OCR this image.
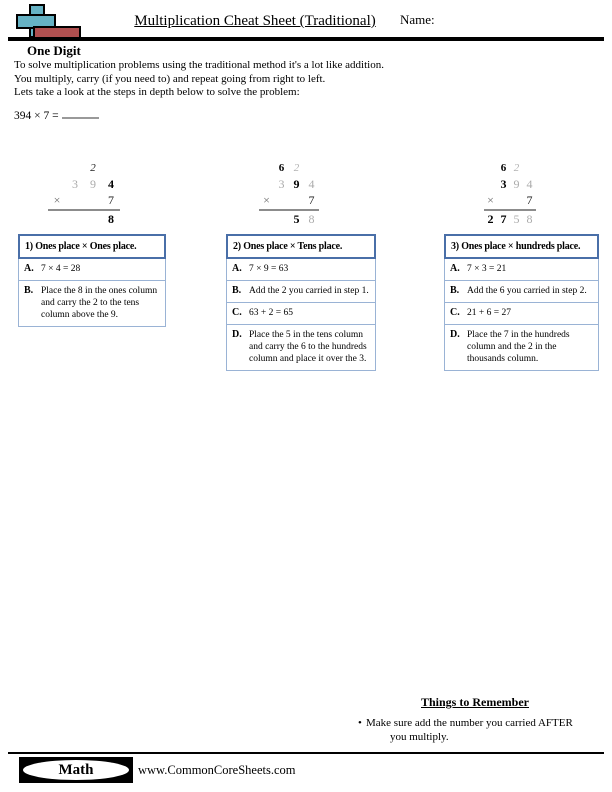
Multiplication Cheat Sheet (Traditional)	Name:
One Digit
To solve multiplication problems using the traditional method it's a lot like addition.
You multiply, carry (if you need to) and repeat going from right to left.
Lets take a look at the steps in depth below to solve the problem:
394 × 7 =
2
3 9 4
×	7
8
6 2
3 9 4
×	7
5 8
6 2
3 9 4
×	7
2 7 5 8
1) Ones place × Ones place.
A. 7 × 4 = 28
B. Place the 8 in the ones column and carry the 2 to the tens column above the 9.
2) Ones place × Tens place.
A. 7 × 9 = 63
B. Add the 2 you carried in step 1.
C. 63 + 2 = 65
D. Place the 5 in the tens column and carry the 6 to the hundreds column and place it over the 3.
3) Ones place × hundreds place.
A. 7 × 3 = 21
B. Add the 6 you carried in step 2.
C. 21 + 6 = 27
D. Place the 7 in the hundreds column and the 2 in the thousands column.
Things to Remember
• Make sure add the number you carried AFTER you multiply.
Math	www.CommonCoreSheets.com
